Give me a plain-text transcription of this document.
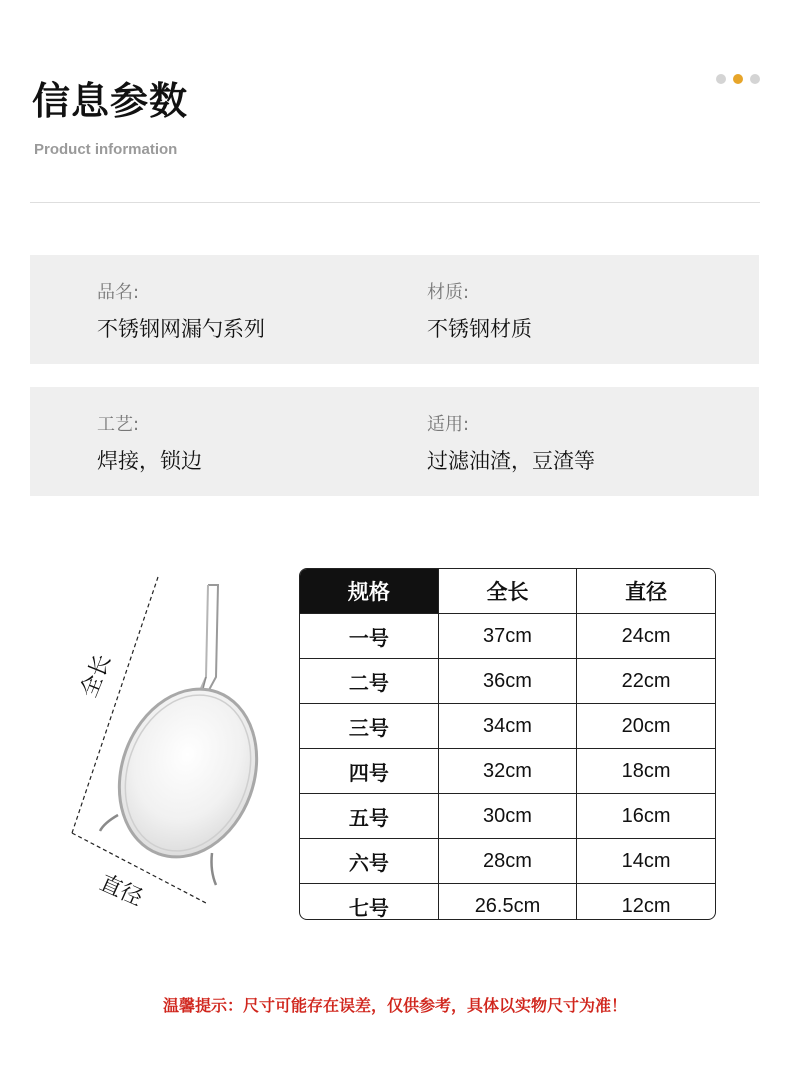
信息参数
Product information
品名:
不锈钢网漏勺系列
材质:
不锈钢材质
工艺:
焊接，锁边
适用:
过滤油渣，豆渣等
全长
直径
规格	全长	直径
一号	37cm	24cm
二号	36cm	22cm
三号	34cm	20cm
四号	32cm	18cm
五号	30cm	16cm
六号	28cm	14cm
七号	26.5cm	12cm
温馨提示：尺寸可能存在误差，仅供参考，具体以实物尺寸为准！
